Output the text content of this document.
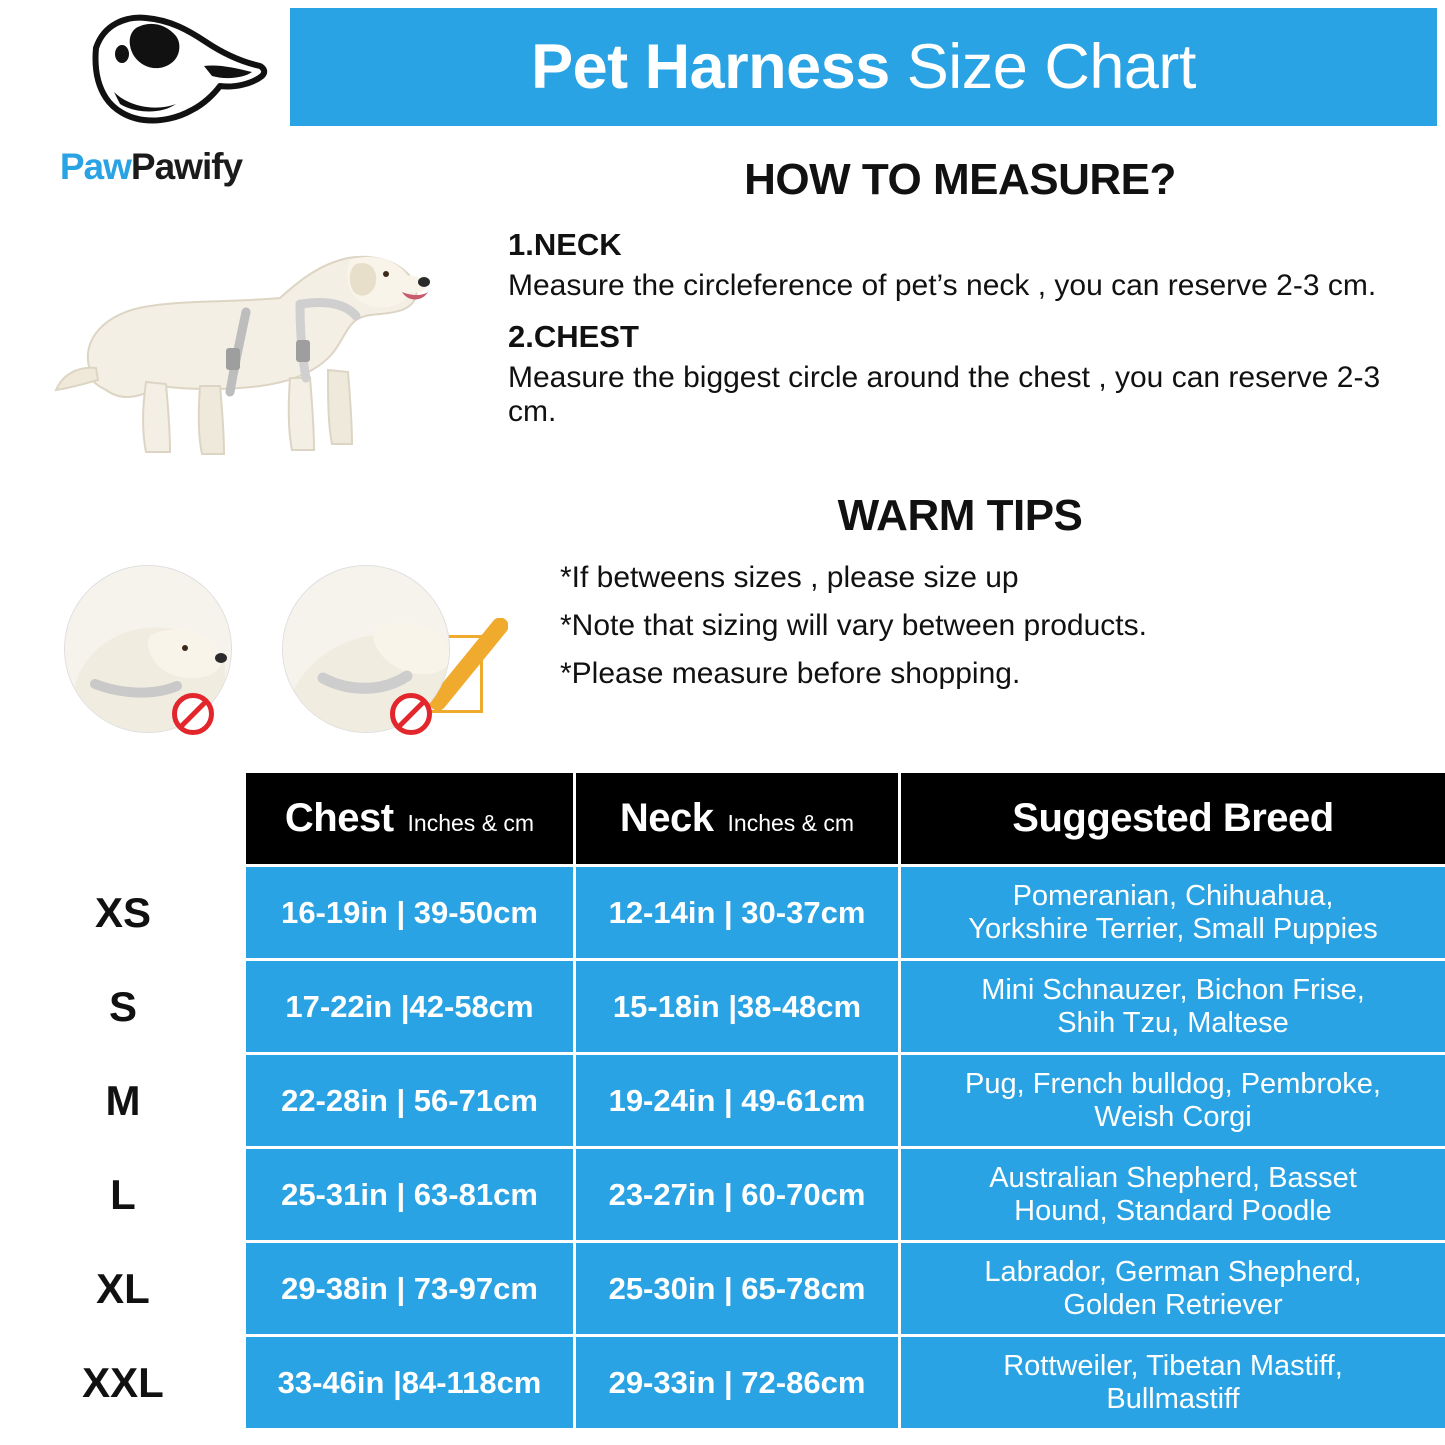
PawPawify
Pet Harness Size Chart
HOW TO MEASURE?
1.NECK
Measure the circleference of pet’s neck , you can reserve 2-3 cm.
2.CHEST
Measure the biggest circle around the chest , you can reserve 2-3 cm.
WARM TIPS
*If betweens sizes , please size up
*Note that sizing will vary between products.
*Please measure before shopping.

	Chest Inches & cm	Neck Inches & cm	Suggested Breed

XS	16-19in | 39-50cm	12-14in | 30-37cm	Pomeranian, Chihuahua,
Yorkshire Terrier, Small Puppies

S	17-22in |42-58cm	15-18in |38-48cm	Mini Schnauzer, Bichon Frise,
Shih Tzu, Maltese

M	22-28in | 56-71cm	19-24in | 49-61cm	Pug, French bulldog, Pembroke,
Weish Corgi

L	25-31in | 63-81cm	23-27in | 60-70cm	Australian Shepherd, Basset
Hound, Standard Poodle

XL	29-38in | 73-97cm	25-30in | 65-78cm	Labrador, German Shepherd,
Golden Retriever

XXL	33-46in |84-118cm	29-33in | 72-86cm	Rottweiler, Tibetan Mastiff,
Bullmastiff
